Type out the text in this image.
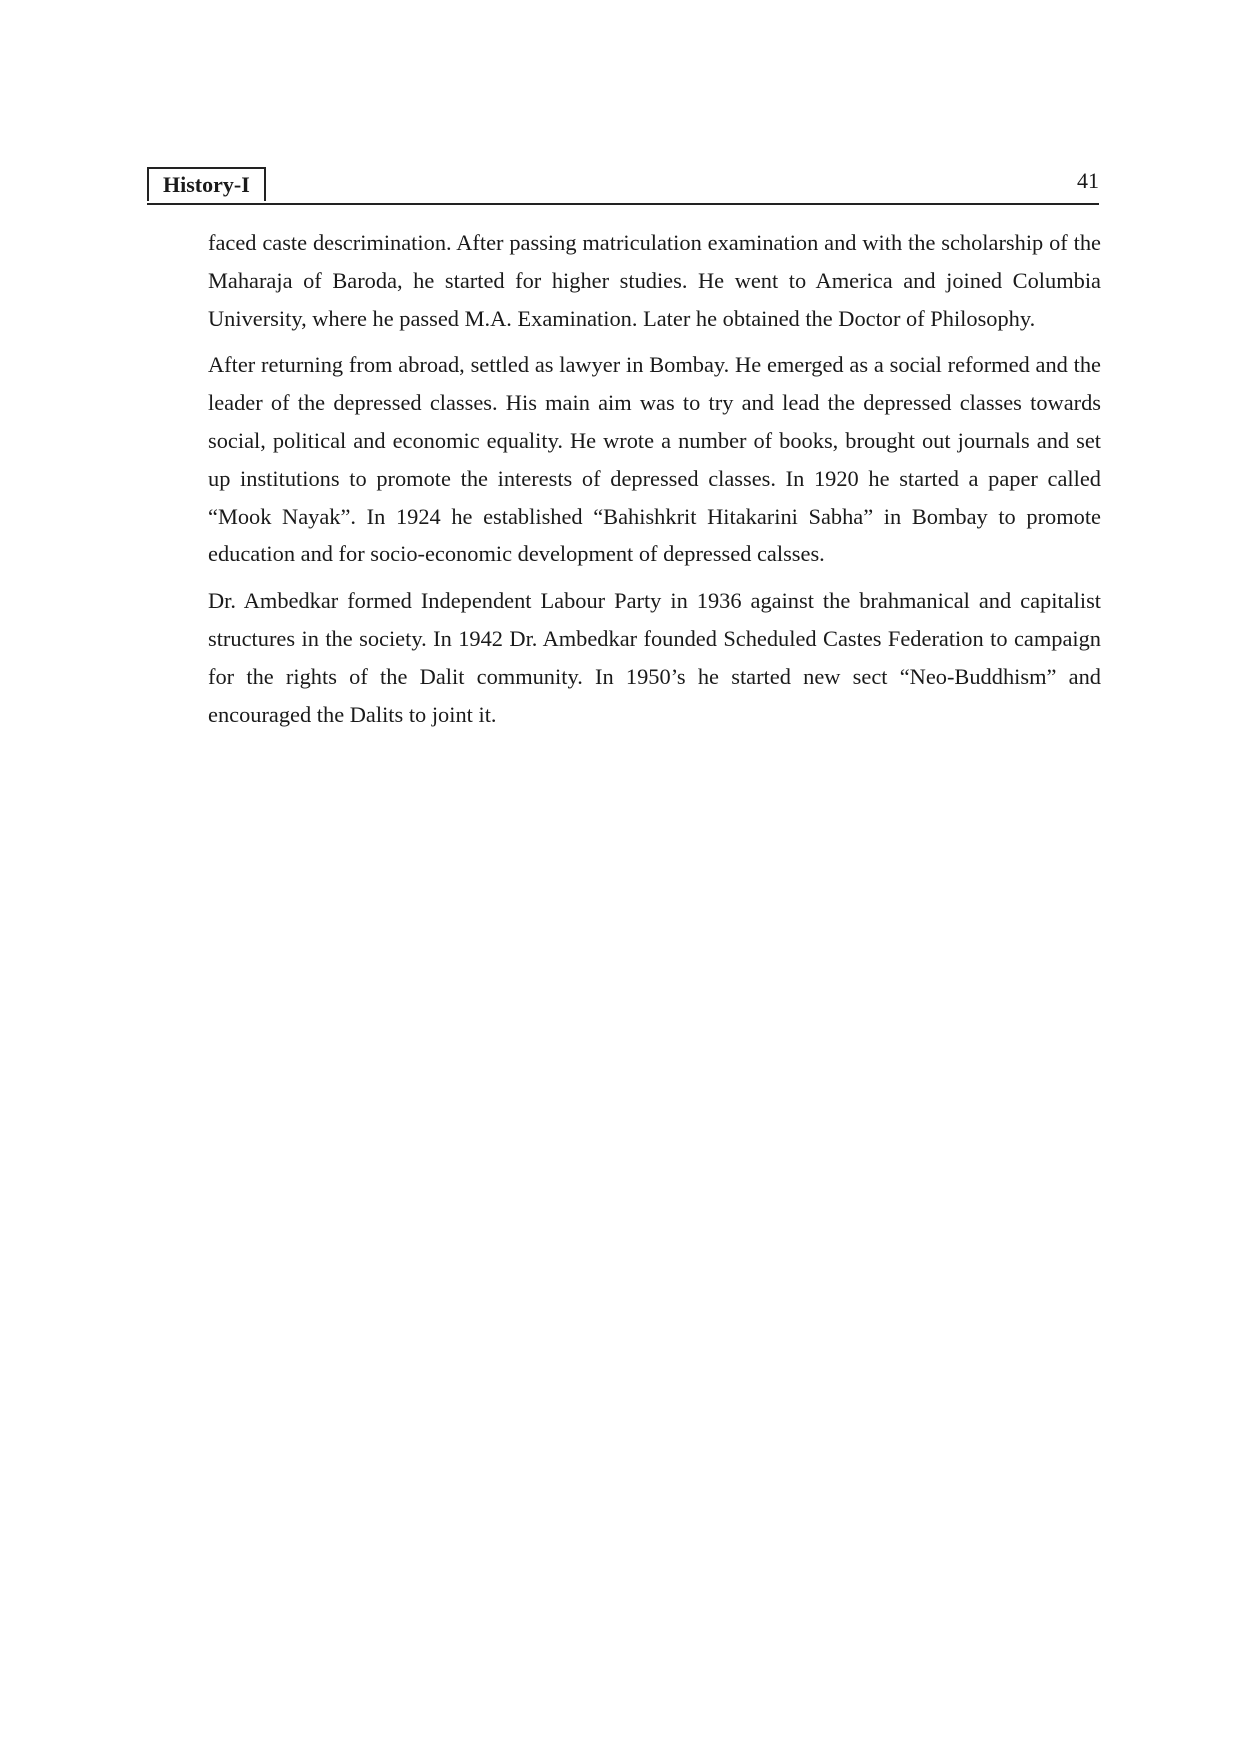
History-I	41

faced caste descrimination. After passing matriculation examination and with the scholarship of the Maharaja of Baroda, he started for higher studies. He went to America and joined Columbia University, where he passed M.A. Examination. Later he obtained the Doctor of Philosophy.

After returning from abroad, settled as lawyer in Bombay. He emerged as a social reformed and the leader of the depressed classes. His main aim was to try and lead the depressed classes towards social, political and economic equality. He wrote a number of books, brought out journals and set up institutions to promote the interests of depressed classes. In 1920 he started a paper called “Mook Nayak”. In 1924 he established “Bahishkrit Hitakarini Sabha” in Bombay to promote education and for socio-economic development of depressed calsses.

Dr. Ambedkar formed Independent Labour Party in 1936 against the brahmanical and capitalist structures in the society. In 1942 Dr. Ambedkar founded Scheduled Castes Federation to campaign for the rights of the Dalit community. In 1950’s he started new sect “Neo-Buddhism” and encouraged the Dalits to joint it.
